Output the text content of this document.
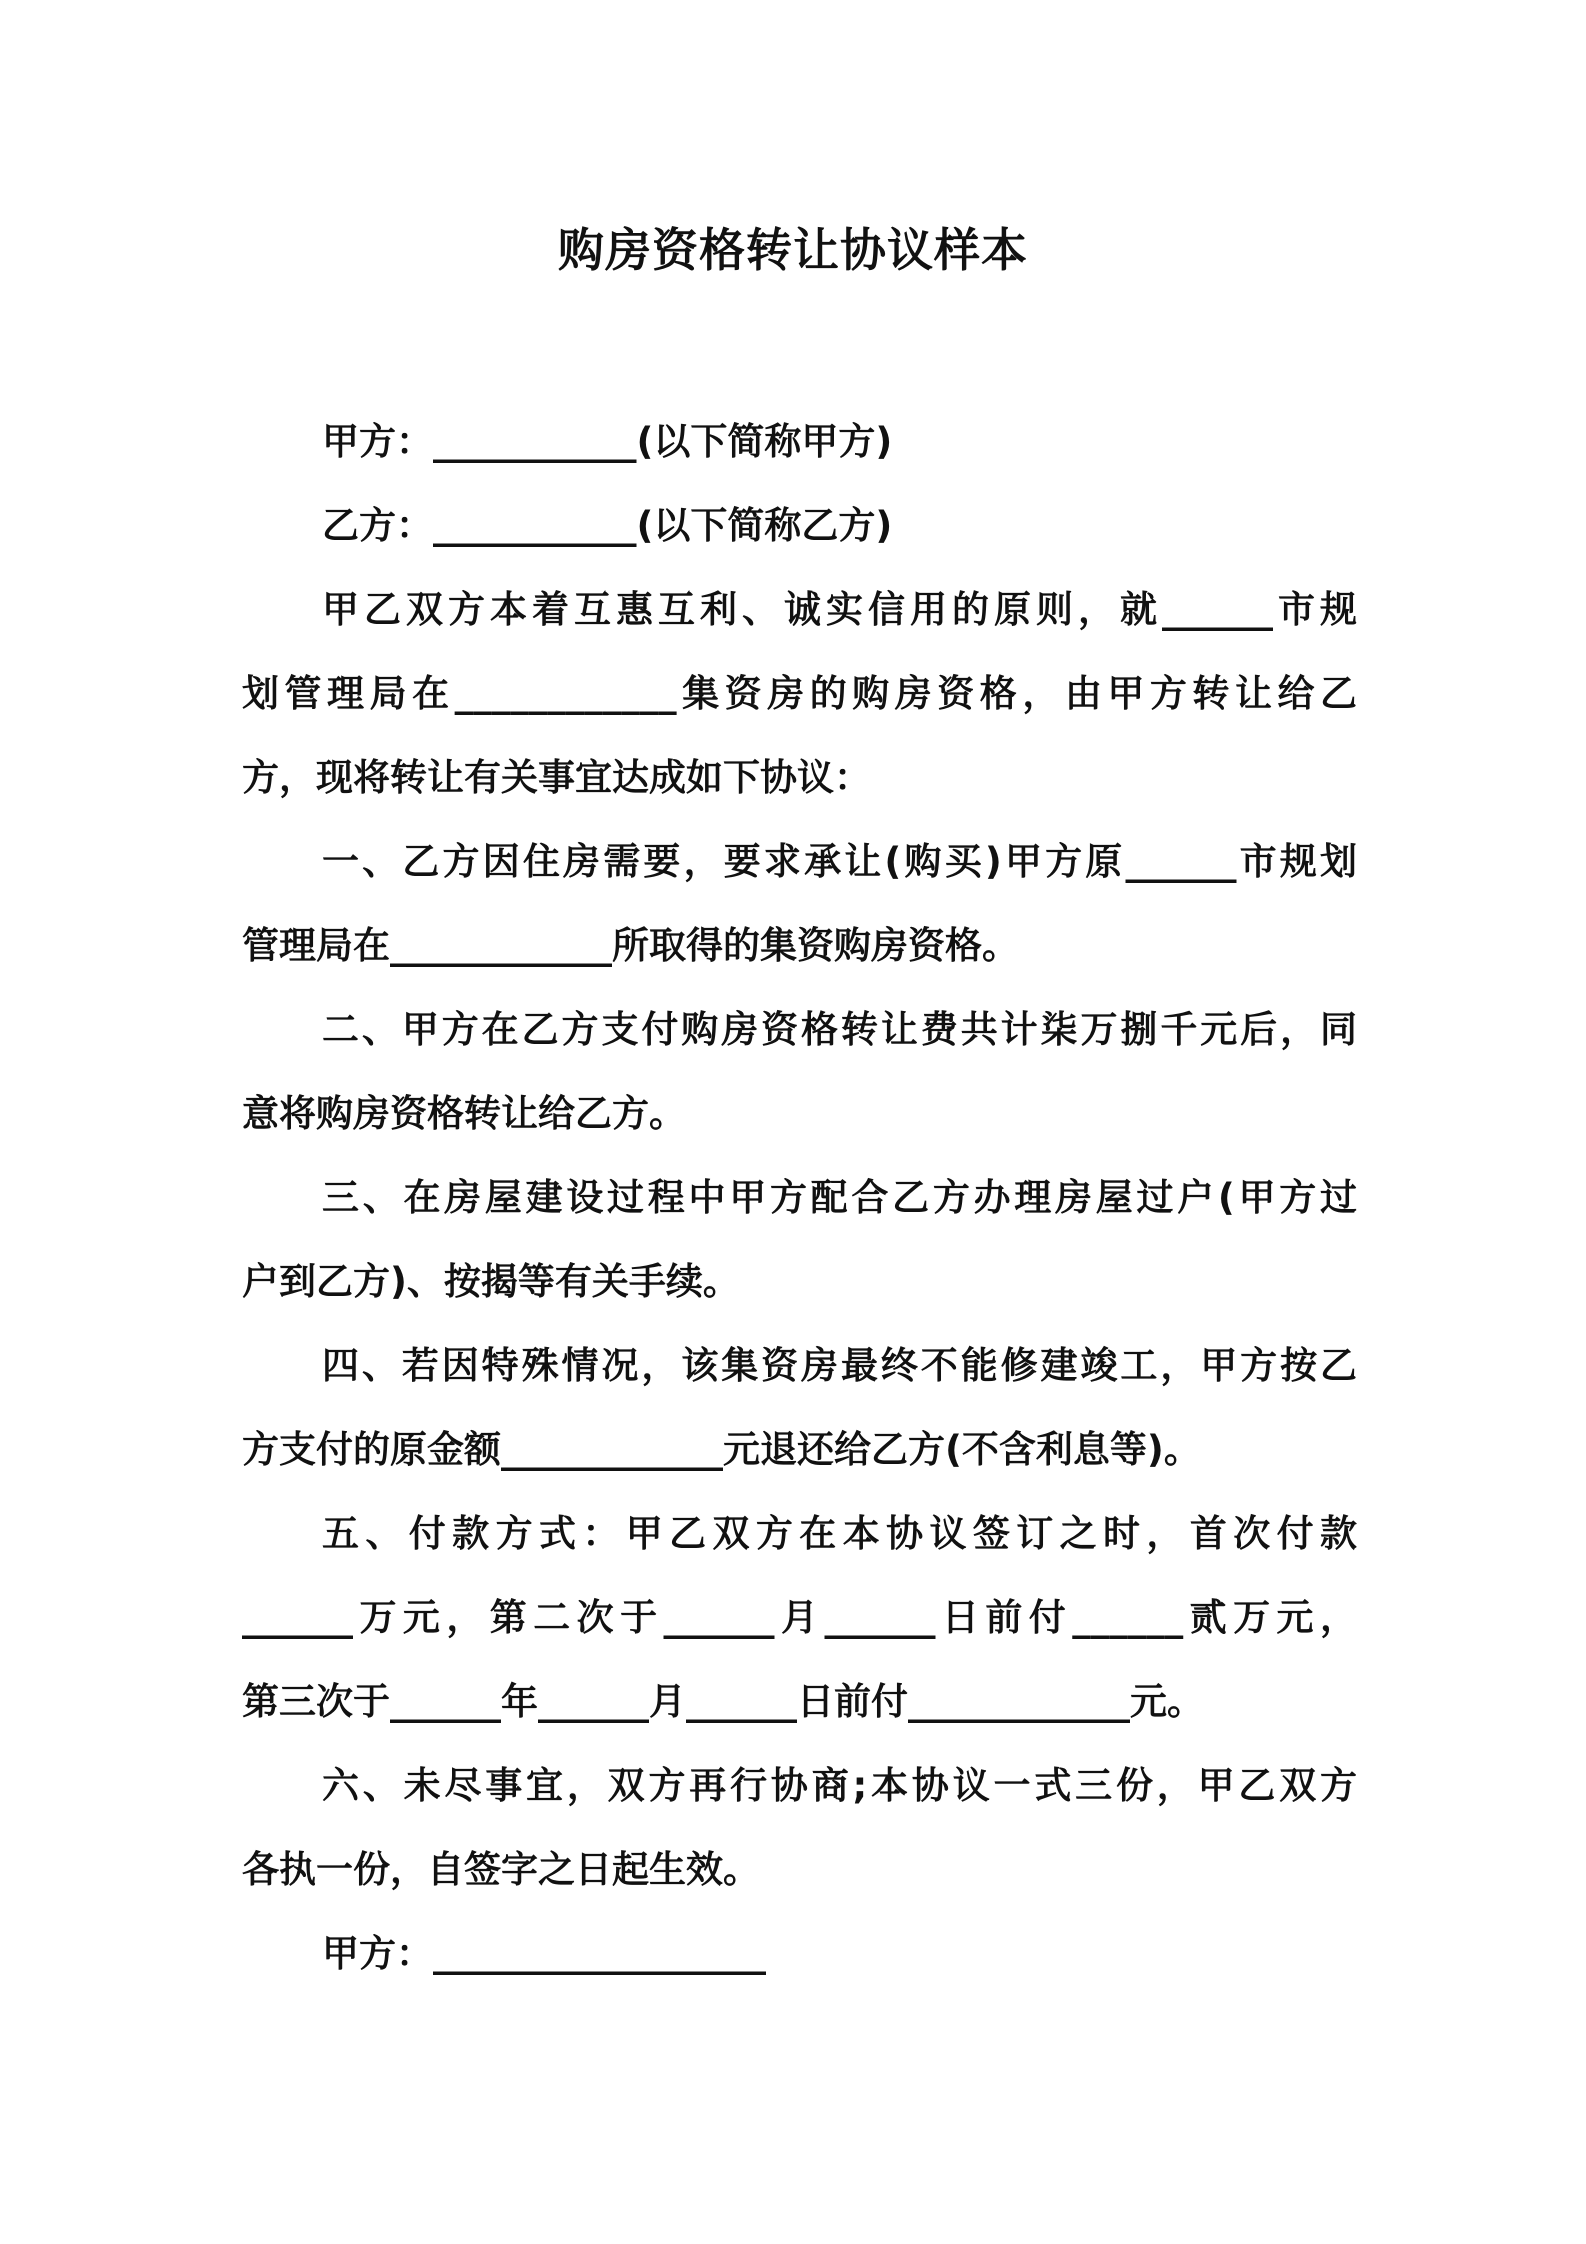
购房资格转让协议样本
甲方：___________(以下简称甲方)
乙方：___________(以下简称乙方)
甲乙双方本着互惠互利、诚实信用的原则，就______市规
划管理局在____________集资房的购房资格，由甲方转让给乙
方，现将转让有关事宜达成如下协议：
一、乙方因住房需要，要求承让(购买)甲方原______市规划
管理局在____________所取得的集资购房资格。
二、甲方在乙方支付购房资格转让费共计柒万捌千元后，同
意将购房资格转让给乙方。
三、在房屋建设过程中甲方配合乙方办理房屋过户(甲方过
户到乙方)、按揭等有关手续。
四、若因特殊情况，该集资房最终不能修建竣工，甲方按乙
方支付的原金额____________元退还给乙方(不含利息等)。
五、付款方式：甲乙双方在本协议签订之时，首次付款
______万元，第二次于______月______日前付______贰万元，
第三次于______年______月______日前付____________元。
六、未尽事宜，双方再行协商;本协议一式三份，甲乙双方
各执一份，自签字之日起生效。
甲方：__________________
